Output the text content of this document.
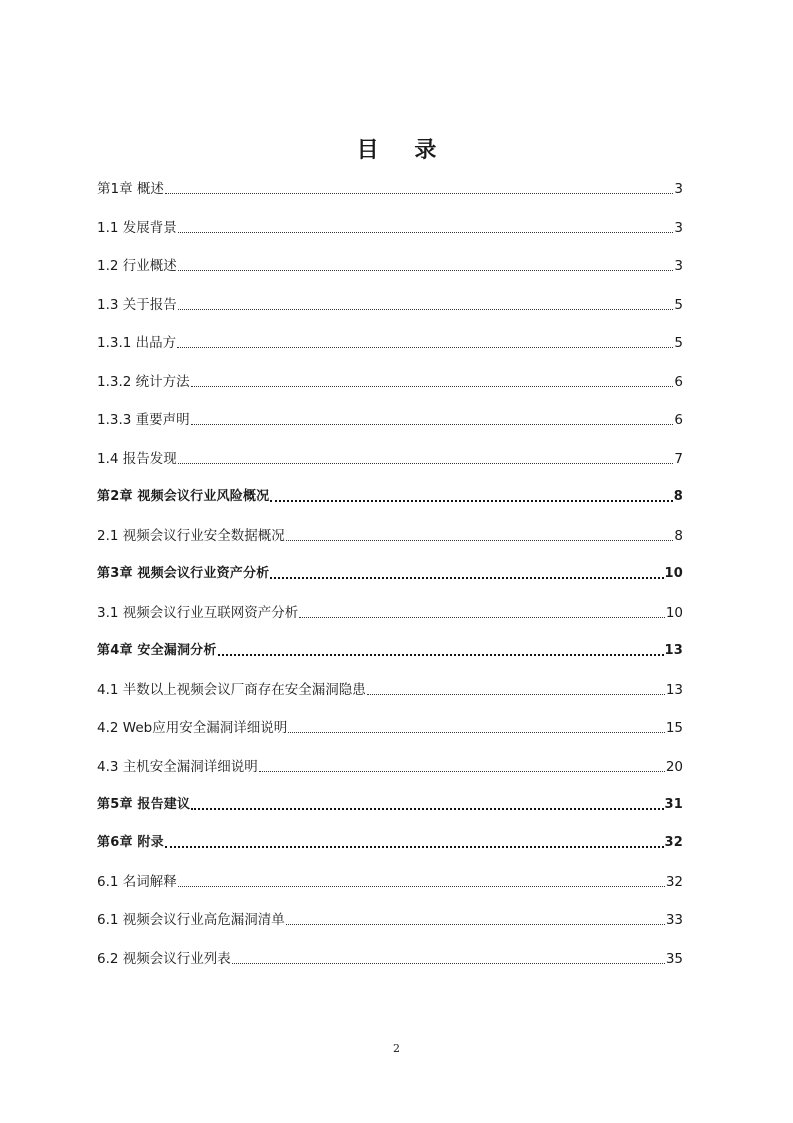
目 录
第1章 概述	3
1.1 发展背景	3
1.2 行业概述	3
1.3 关于报告	5
1.3.1 出品方	5
1.3.2 统计方法	6
1.3.3 重要声明	6
1.4 报告发现	7
第2章 视频会议行业风险概况	8
2.1 视频会议行业安全数据概况	8
第3章 视频会议行业资产分析	10
3.1 视频会议行业互联网资产分析	10
第4章 安全漏洞分析	13
4.1 半数以上视频会议厂商存在安全漏洞隐患	13
4.2 Web应用安全漏洞详细说明	15
4.3 主机安全漏洞详细说明	20
第5章 报告建议	31
第6章 附录	32
6.1 名词解释	32
6.1 视频会议行业高危漏洞清单	33
6.2 视频会议行业列表	35
2
